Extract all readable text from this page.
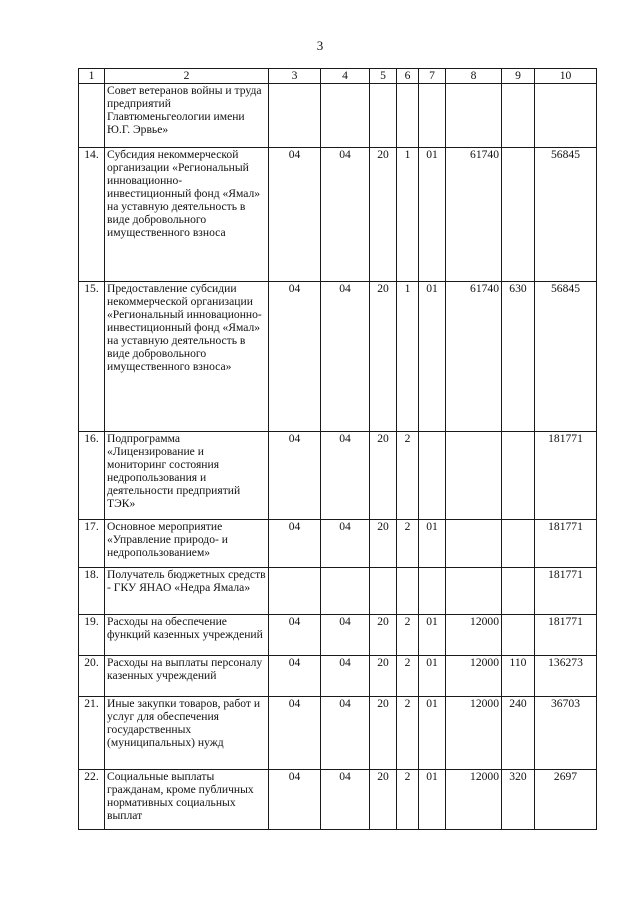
3
1	2	3	4	5	6	7	8	9	10
	Совет ветеранов войны и труда предприятий Главтюменьгеологии имени Ю.Г. Эрвье»								
14.	Субсидия некоммерческой организации «Региональный инновационно-инвестиционный фонд «Ямал» на уставную деятельность в виде добровольного имущественного взноса	04	04	20	1	01	61740		56845
15.	Предоставление субсидии некоммерческой организации «Региональный инновационно-инвестиционный фонд «Ямал» на уставную деятельность в виде добровольного имущественного взноса»	04	04	20	1	01	61740	630	56845
16.	Подпрограмма «Лицензирование и мониторинг состояния недропользования и деятельности предприятий ТЭК»	04	04	20	2				181771
17.	Основное мероприятие «Управление природо- и недропользованием»	04	04	20	2	01			181771
18.	Получатель бюджетных средств - ГКУ ЯНАО «Недра Ямала»								181771
19.	Расходы на обеспечение функций казенных учреждений	04	04	20	2	01	12000		181771
20.	Расходы на выплаты персоналу казенных учреждений	04	04	20	2	01	12000	110	136273
21.	Иные закупки товаров, работ и услуг для обеспечения государственных (муниципальных) нужд	04	04	20	2	01	12000	240	36703
22.	Социальные выплаты гражданам, кроме публичных нормативных социальных выплат	04	04	20	2	01	12000	320	2697
